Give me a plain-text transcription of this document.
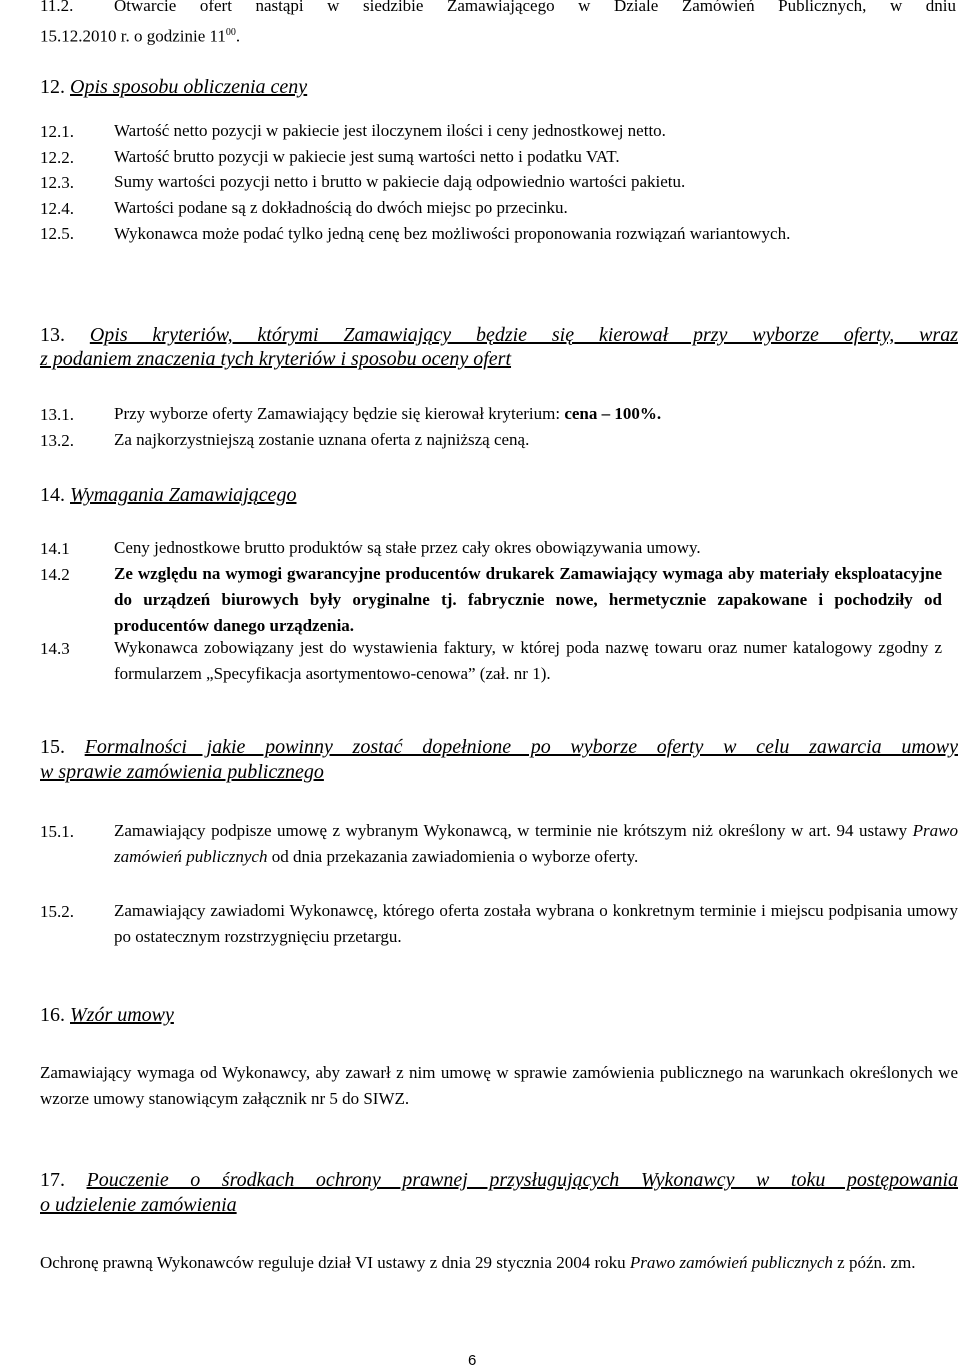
11.2. Otwarcie ofert nastąpi w siedzibie Zamawiającego w Dziale Zamówień Publicznych, w dniu
15.12.2010 r. o godzinie $11^{00}$.
12. Opis sposobu obliczenia ceny
12.1. Wartość netto pozycji w pakiecie jest iloczynem ilości i ceny jednostkowej netto.
12.2. Wartość brutto pozycji w pakiecie jest sumą wartości netto i podatku VAT.
12.3. Sumy wartości pozycji netto i brutto w pakiecie dają odpowiednio wartości pakietu.
12.4. Wartości podane są z dokładnością do dwóch miejsc po przecinku.
12.5. Wykonawca może podać tylko jedną cenę bez możliwości proponowania rozwiązań wariantowych.
13. Opis kryteriów, którymi Zamawiający będzie się kierował przy wyborze oferty, wraz
z podaniem znaczenia tych kryteriów i sposobu oceny ofert
13.1. Przy wyborze oferty Zamawiający będzie się kierował kryterium: cena – 100%.
13.2. Za najkorzystniejszą zostanie uznana oferta z najniższą ceną.
14. Wymagania Zamawiającego
14.1	Ceny jednostkowe brutto produktów są stałe przez cały okres obowiązywania umowy.
14.2	Ze względu na wymogi gwarancyjne producentów drukarek Zamawiający wymaga aby materiały eksploatacyjne do urządzeń biurowych były oryginalne tj. fabrycznie nowe, hermetycznie zapakowane i pochodziły od producentów danego urządzenia.
14.3	Wykonawca zobowiązany jest do wystawienia faktury, w której poda nazwę towaru oraz numer katalogowy zgodny z formularzem „Specyfikacja asortymentowo-cenowa” (zał. nr 1).
15. Formalności jakie powinny zostać dopełnione po wyborze oferty w celu zawarcia umowy
w sprawie zamówienia publicznego
15.1. Zamawiający podpisze umowę z wybranym Wykonawcą, w terminie nie krótszym niż określony w art. 94 ustawy Prawo zamówień publicznych od dnia przekazania zawiadomienia o wyborze oferty.
15.2. Zamawiający zawiadomi Wykonawcę, którego oferta została wybrana o konkretnym terminie i miejscu podpisania umowy po ostatecznym rozstrzygnięciu przetargu.
16. Wzór umowy
Zamawiający wymaga od Wykonawcy, aby zawarł z nim umowę w sprawie zamówienia publicznego na warunkach określonych we wzorze umowy stanowiącym załącznik nr 5 do SIWZ.
17. Pouczenie o środkach ochrony prawnej przysługujących Wykonawcy w toku postępowania
o udzielenie zamówienia
Ochronę prawną Wykonawców reguluje dział VI ustawy z dnia 29 stycznia 2004 roku Prawo zamówień publicznych z późn. zm.
6
